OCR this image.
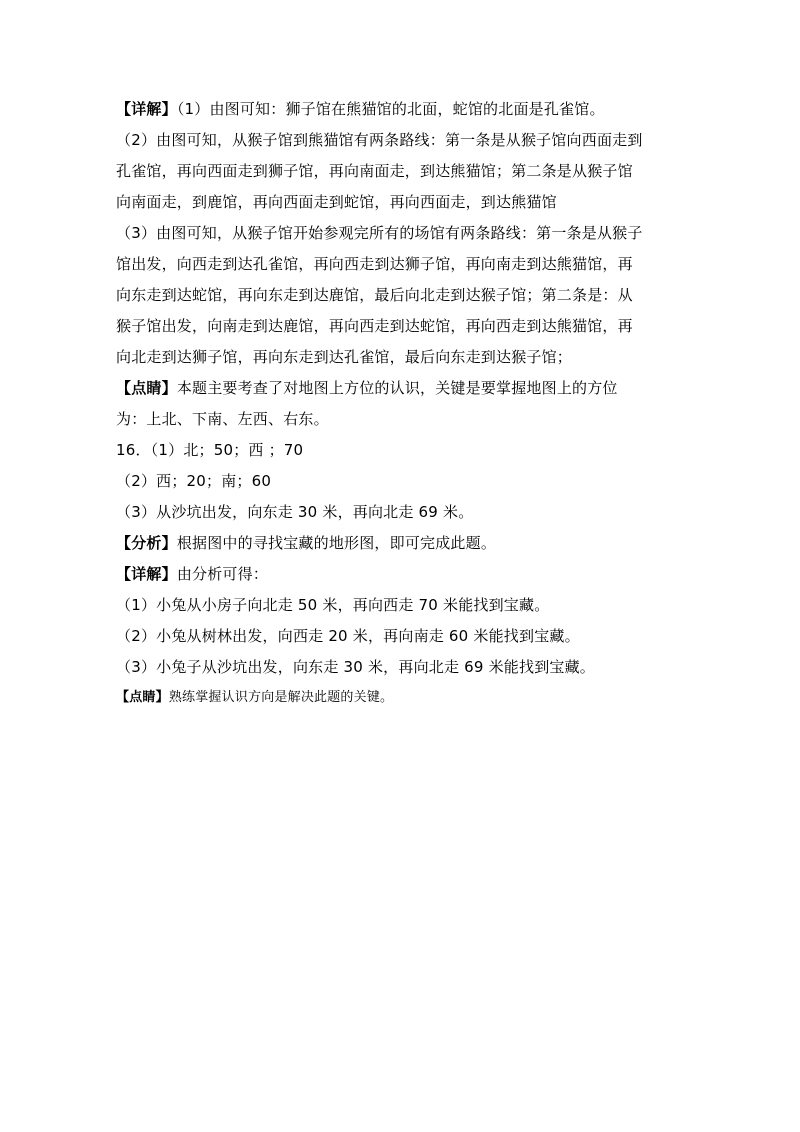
【详解】（1）由图可知：狮子馆在熊猫馆的北面，蛇馆的北面是孔雀馆。

（2）由图可知，从猴子馆到熊猫馆有两条路线：第一条是从猴子馆向西面走到

孔雀馆，再向西面走到狮子馆，再向南面走，到达熊猫馆；第二条是从猴子馆

向南面走，到鹿馆，再向西面走到蛇馆，再向西面走，到达熊猫馆

（3）由图可知，从猴子馆开始参观完所有的场馆有两条路线：第一条是从猴子

馆出发，向西走到达孔雀馆，再向西走到达狮子馆，再向南走到达熊猫馆，再

向东走到达蛇馆，再向东走到达鹿馆，最后向北走到达猴子馆；第二条是：从

猴子馆出发，向南走到达鹿馆，再向西走到达蛇馆，再向西走到达熊猫馆，再

向北走到达狮子馆，再向东走到达孔雀馆，最后向东走到达猴子馆；

【点睛】本题主要考查了对地图上方位的认识，关键是要掌握地图上的方位

为：上北、下南、左西、右东。

16．（1）北；50；西 ；70

（2）西；20；南；60

（3）从沙坑出发，向东走 30 米，再向北走 69 米。

【分析】根据图中的寻找宝藏的地形图，即可完成此题。

【详解】由分析可得：

（1）小兔从小房子向北走 50 米，再向西走 70 米能找到宝藏。

（2）小兔从树林出发，向西走 20 米，再向南走 60 米能找到宝藏。

（3）小兔子从沙坑出发，向东走 30 米，再向北走 69 米能找到宝藏。

【点睛】熟练掌握认识方向是解决此题的关键。
